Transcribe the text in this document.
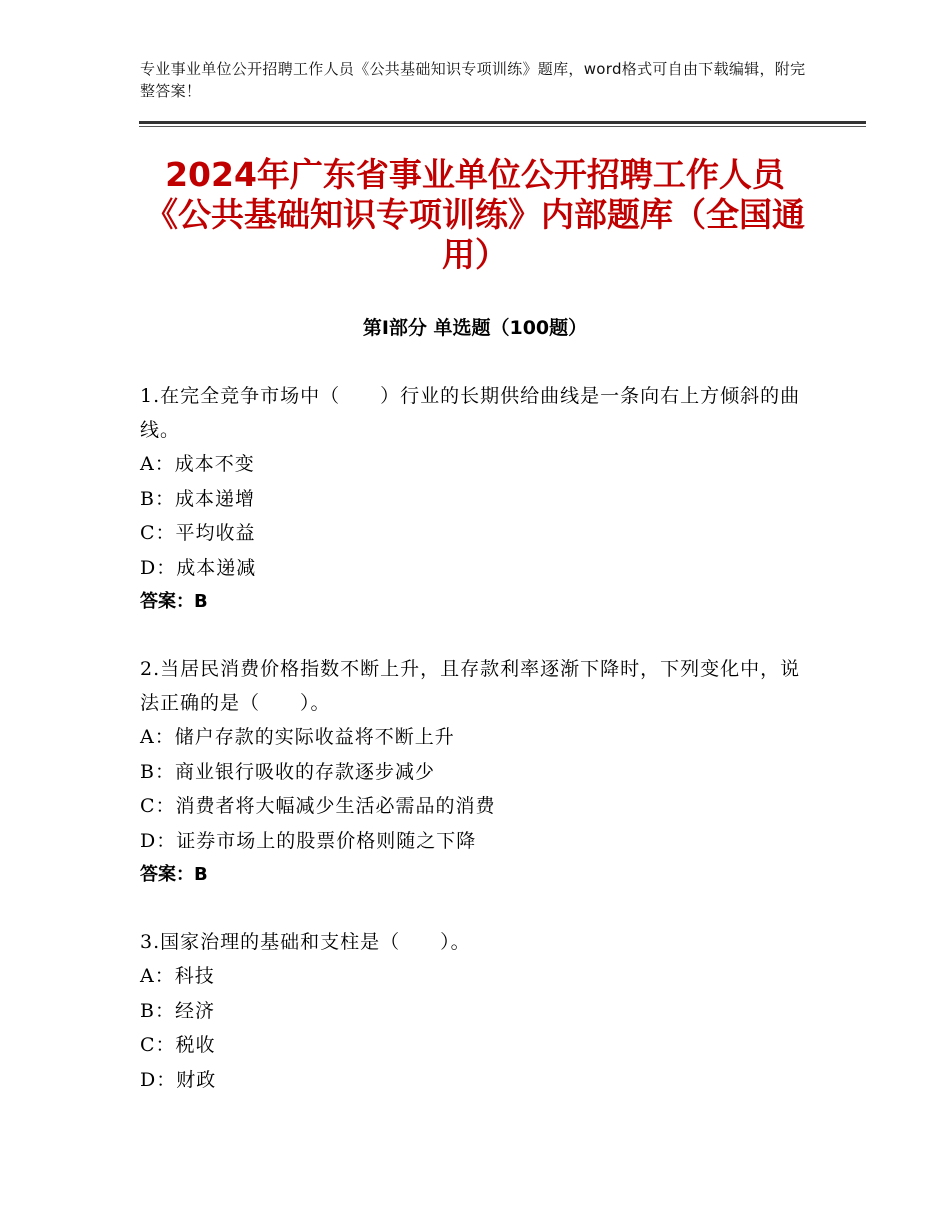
专业事业单位公开招聘工作人员《公共基础知识专项训练》题库，word格式可自由下载编辑，附完整答案！
2024年广东省事业单位公开招聘工作人员《公共基础知识专项训练》内部题库（全国通用）
第Ⅰ部分 单选题（100题）
1.在完全竞争市场中（　　）行业的长期供给曲线是一条向右上方倾斜的曲线。
A：成本不变
B：成本递增
C：平均收益
D：成本递减
答案：B
2.当居民消费价格指数不断上升，且存款利率逐渐下降时，下列变化中，说法正确的是（　　）。
A：储户存款的实际收益将不断上升
B：商业银行吸收的存款逐步减少
C：消费者将大幅减少生活必需品的消费
D：证券市场上的股票价格则随之下降
答案：B
3.国家治理的基础和支柱是（　　）。
A：科技
B：经济
C：税收
D：财政
